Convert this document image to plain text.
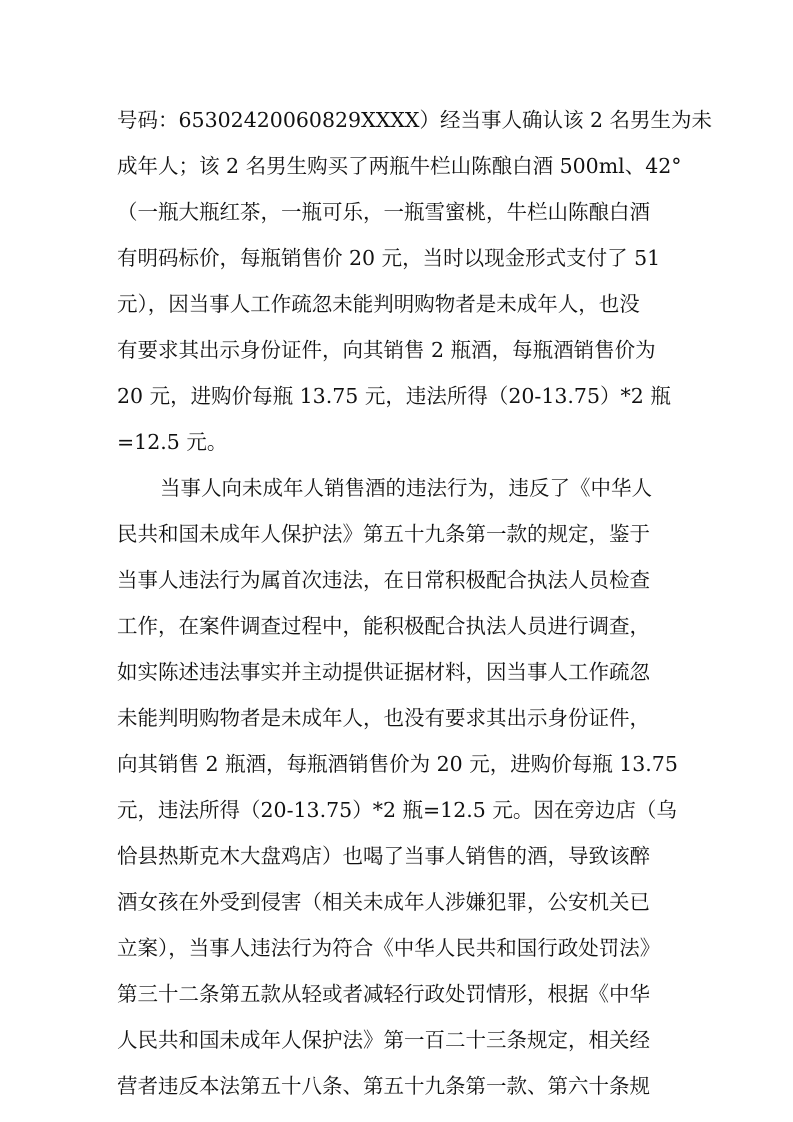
号码：65302420060829XXXX）经当事人确认该 2 名男生为未
成年人；该 2 名男生购买了两瓶牛栏山陈酿白酒 500ml、42°
（一瓶大瓶红茶，一瓶可乐，一瓶雪蜜桃，牛栏山陈酿白酒
有明码标价，每瓶销售价 20 元，当时以现金形式支付了 51
元），因当事人工作疏忽未能判明购物者是未成年人，也没
有要求其出示身份证件，向其销售 2 瓶酒，每瓶酒销售价为
20 元，进购价每瓶 13.75 元，违法所得（20-13.75）*2 瓶
=12.5 元。
当事人向未成年人销售酒的违法行为，违反了《中华人
民共和国未成年人保护法》第五十九条第一款的规定，鉴于
当事人违法行为属首次违法，在日常积极配合执法人员检查
工作，在案件调查过程中，能积极配合执法人员进行调查，
如实陈述违法事实并主动提供证据材料，因当事人工作疏忽
未能判明购物者是未成年人，也没有要求其出示身份证件，
向其销售 2 瓶酒，每瓶酒销售价为 20 元，进购价每瓶 13.75
元，违法所得（20-13.75）*2 瓶=12.5 元。因在旁边店（乌
恰县热斯克木大盘鸡店）也喝了当事人销售的酒，导致该醉
酒女孩在外受到侵害（相关未成年人涉嫌犯罪，公安机关已
立案），当事人违法行为符合《中华人民共和国行政处罚法》
第三十二条第五款从轻或者减轻行政处罚情形，根据《中华
人民共和国未成年人保护法》第一百二十三条规定，相关经
营者违反本法第五十八条、第五十九条第一款、第六十条规
